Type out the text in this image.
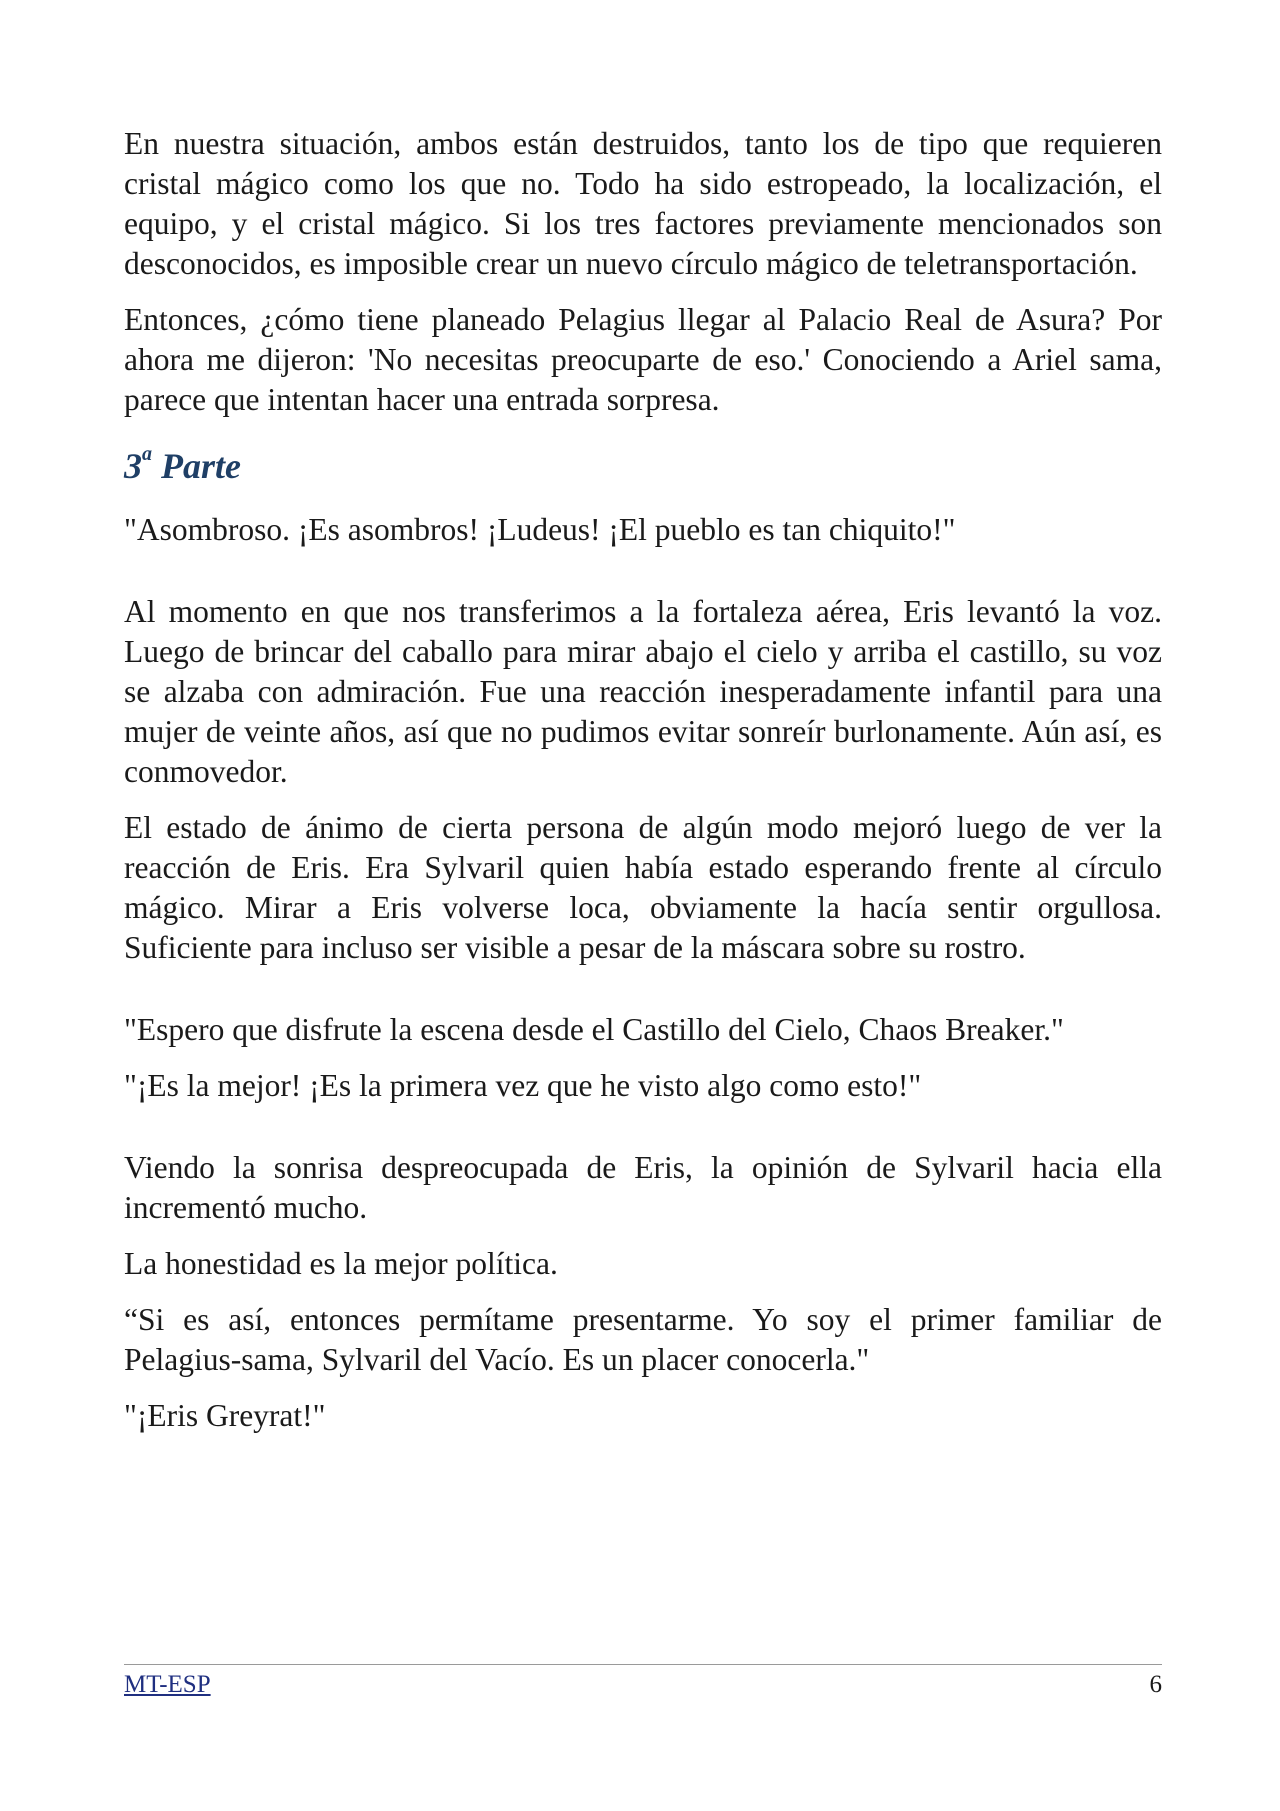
En nuestra situación, ambos están destruidos, tanto los de tipo que requieren cristal mágico como los que no. Todo ha sido estropeado, la localización, el equipo, y el cristal mágico. Si los tres factores previamente mencionados son desconocidos, es imposible crear un nuevo círculo mágico de teletransportación.

Entonces, ¿cómo tiene planeado Pelagius llegar al Palacio Real de Asura? Por ahora me dijeron: 'No necesitas preocuparte de eso.' Conociendo a Ariel sama, parece que intentan hacer una entrada sorpresa.

3$^a$ Parte

"Asombroso. ¡Es asombros! ¡Ludeus! ¡El pueblo es tan chiquito!"

Al momento en que nos transferimos a la fortaleza aérea, Eris levantó la voz. Luego de brincar del caballo para mirar abajo el cielo y arriba el castillo, su voz se alzaba con admiración. Fue una reacción inesperadamente infantil para una mujer de veinte años, así que no pudimos evitar sonreír burlonamente. Aún así, es conmovedor.

El estado de ánimo de cierta persona de algún modo mejoró luego de ver la reacción de Eris. Era Sylvaril quien había estado esperando frente al círculo mágico. Mirar a Eris volverse loca, obviamente la hacía sentir orgullosa. Suficiente para incluso ser visible a pesar de la máscara sobre su rostro.

"Espero que disfrute la escena desde el Castillo del Cielo, Chaos Breaker."

"¡Es la mejor! ¡Es la primera vez que he visto algo como esto!"

Viendo la sonrisa despreocupada de Eris, la opinión de Sylvaril hacia ella incrementó mucho.

La honestidad es la mejor política.

“Si es así, entonces permítame presentarme. Yo soy el primer familiar de Pelagius-sama, Sylvaril del Vacío. Es un placer conocerla."

"¡Eris Greyrat!"

MT-ESP	6
